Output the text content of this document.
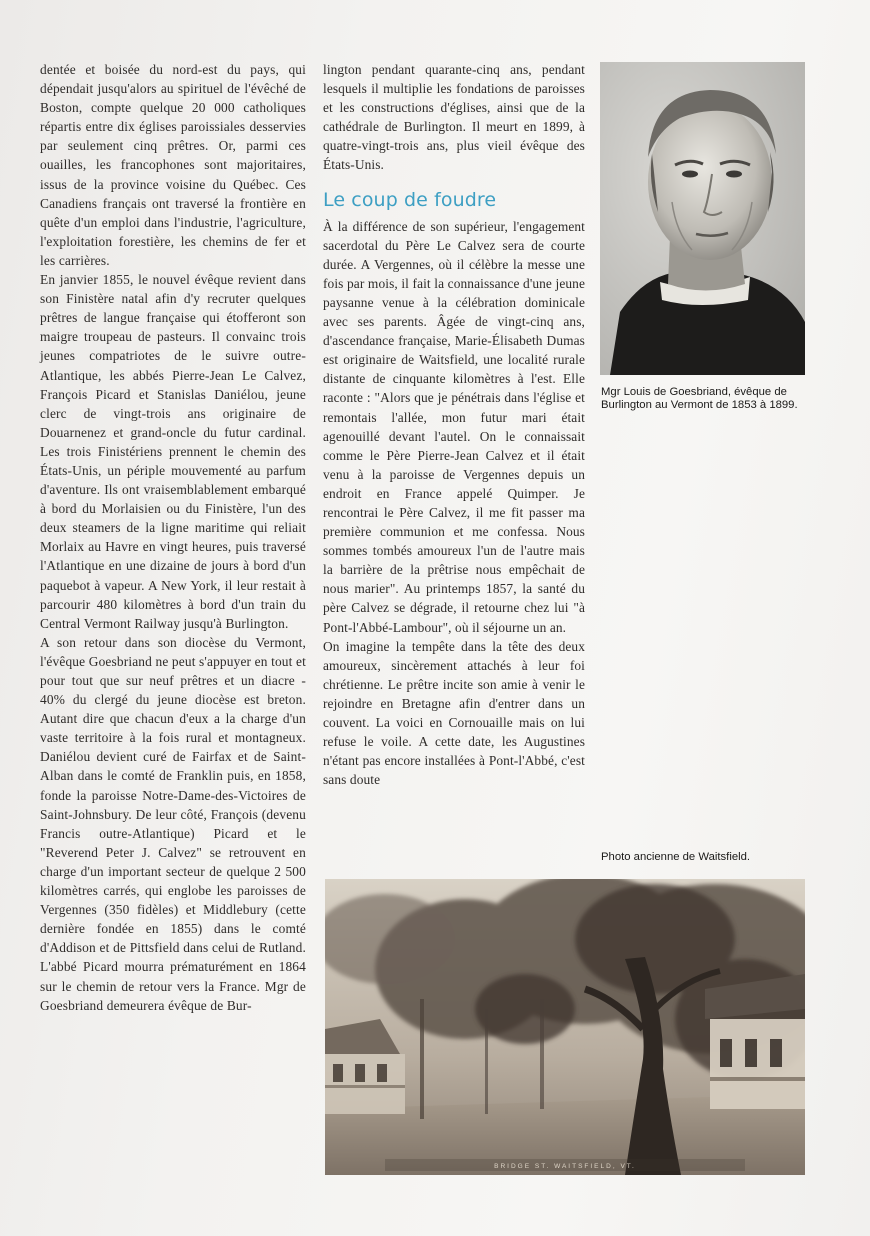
dentée et boisée du nord-est du pays, qui dépendait jusqu'alors au spirituel de l'évêché de Boston, compte quelque 20 000 catholiques répartis entre dix églises paroissiales desservies par seulement cinq prêtres. Or, parmi ces ouailles, les francophones sont majoritaires, issus de la province voisine du Québec. Ces Canadiens français ont traversé la frontière en quête d'un emploi dans l'industrie, l'agriculture, l'exploitation forestière, les chemins de fer et les carrières.

En janvier 1855, le nouvel évêque revient dans son Finistère natal afin d'y recruter quelques prêtres de langue française qui étofferont son maigre troupeau de pasteurs. Il convainc trois jeunes compatriotes de le suivre outre-Atlantique, les abbés Pierre-Jean Le Calvez, François Picard et Stanislas Daniélou, jeune clerc de vingt-trois ans originaire de Douarnenez et grand-oncle du futur cardinal. Les trois Finistériens prennent le chemin des États-Unis, un périple mouvementé au parfum d'aventure. Ils ont vraisemblablement embarqué à bord du Morlaisien ou du Finistère, l'un des deux steamers de la ligne maritime qui reliait Morlaix au Havre en vingt heures, puis traversé l'Atlantique en une dizaine de jours à bord d'un paquebot à vapeur. A New York, il leur restait à parcourir 480 kilomètres à bord d'un train du Central Vermont Railway jusqu'à Burlington.

A son retour dans son diocèse du Vermont, l'évêque Goesbriand ne peut s'appuyer en tout et pour tout que sur neuf prêtres et un diacre - 40% du clergé du jeune diocèse est breton. Autant dire que chacun d'eux a la charge d'un vaste territoire à la fois rural et montagneux. Daniélou devient curé de Fairfax et de Saint-Alban dans le comté de Franklin puis, en 1858, fonde la paroisse Notre-Dame-des-Victoires de Saint-Johnsbury. De leur côté, François (devenu Francis outre-Atlantique) Picard et le "Reverend Peter J. Calvez" se retrouvent en charge d'un important secteur de quelque 2 500 kilomètres carrés, qui englobe les paroisses de Vergennes (350 fidèles) et Middlebury (cette dernière fondée en 1855) dans le comté d'Addison et de Pittsfield dans celui de Rutland. L'abbé Picard mourra prématurément en 1864 sur le chemin de retour vers la France. Mgr de Goesbriand demeurera évêque de Bur-

lington pendant quarante-cinq ans, pendant lesquels il multiplie les fondations de paroisses et les constructions d'églises, ainsi que de la cathédrale de Burlington. Il meurt en 1899, à quatre-vingt-trois ans, plus vieil évêque des États-Unis.

Le coup de foudre

À la différence de son supérieur, l'engagement sacerdotal du Père Le Calvez sera de courte durée. A Vergennes, où il célèbre la messe une fois par mois, il fait la connaissance d'une jeune paysanne venue à la célébration dominicale avec ses parents. Âgée de vingt-cinq ans, d'ascendance française, Marie-Élisabeth Dumas est originaire de Waitsfield, une localité rurale distante de cinquante kilomètres à l'est. Elle raconte : "Alors que je pénétrais dans l'église et remontais l'allée, mon futur mari était agenouillé devant l'autel. On le connaissait comme le Père Pierre-Jean Calvez et il était venu à la paroisse de Vergennes depuis un endroit en France appelé Quimper. Je rencontrai le Père Calvez, il me fit passer ma première communion et me confessa. Nous sommes tombés amoureux l'un de l'autre mais la barrière de la prêtrise nous empêchait de nous marier". Au printemps 1857, la santé du père Calvez se dégrade, il retourne chez lui "à Pont-l'Abbé-Lambour", où il séjourne un an.

On imagine la tempête dans la tête des deux amoureux, sincèrement attachés à leur foi chrétienne. Le prêtre incite son amie à venir le rejoindre en Bretagne afin d'entrer dans un couvent. La voici en Cornouaille mais on lui refuse le voile. A cette date, les Augustines n'étant pas encore installées à Pont-l'Abbé, c'est sans doute

Mgr Louis de Goesbriand, évêque de Burlington au Vermont de 1853 à 1899.
Photo ancienne de Waitsfield.
BRIDGE ST. WAITSFIELD, VT.
